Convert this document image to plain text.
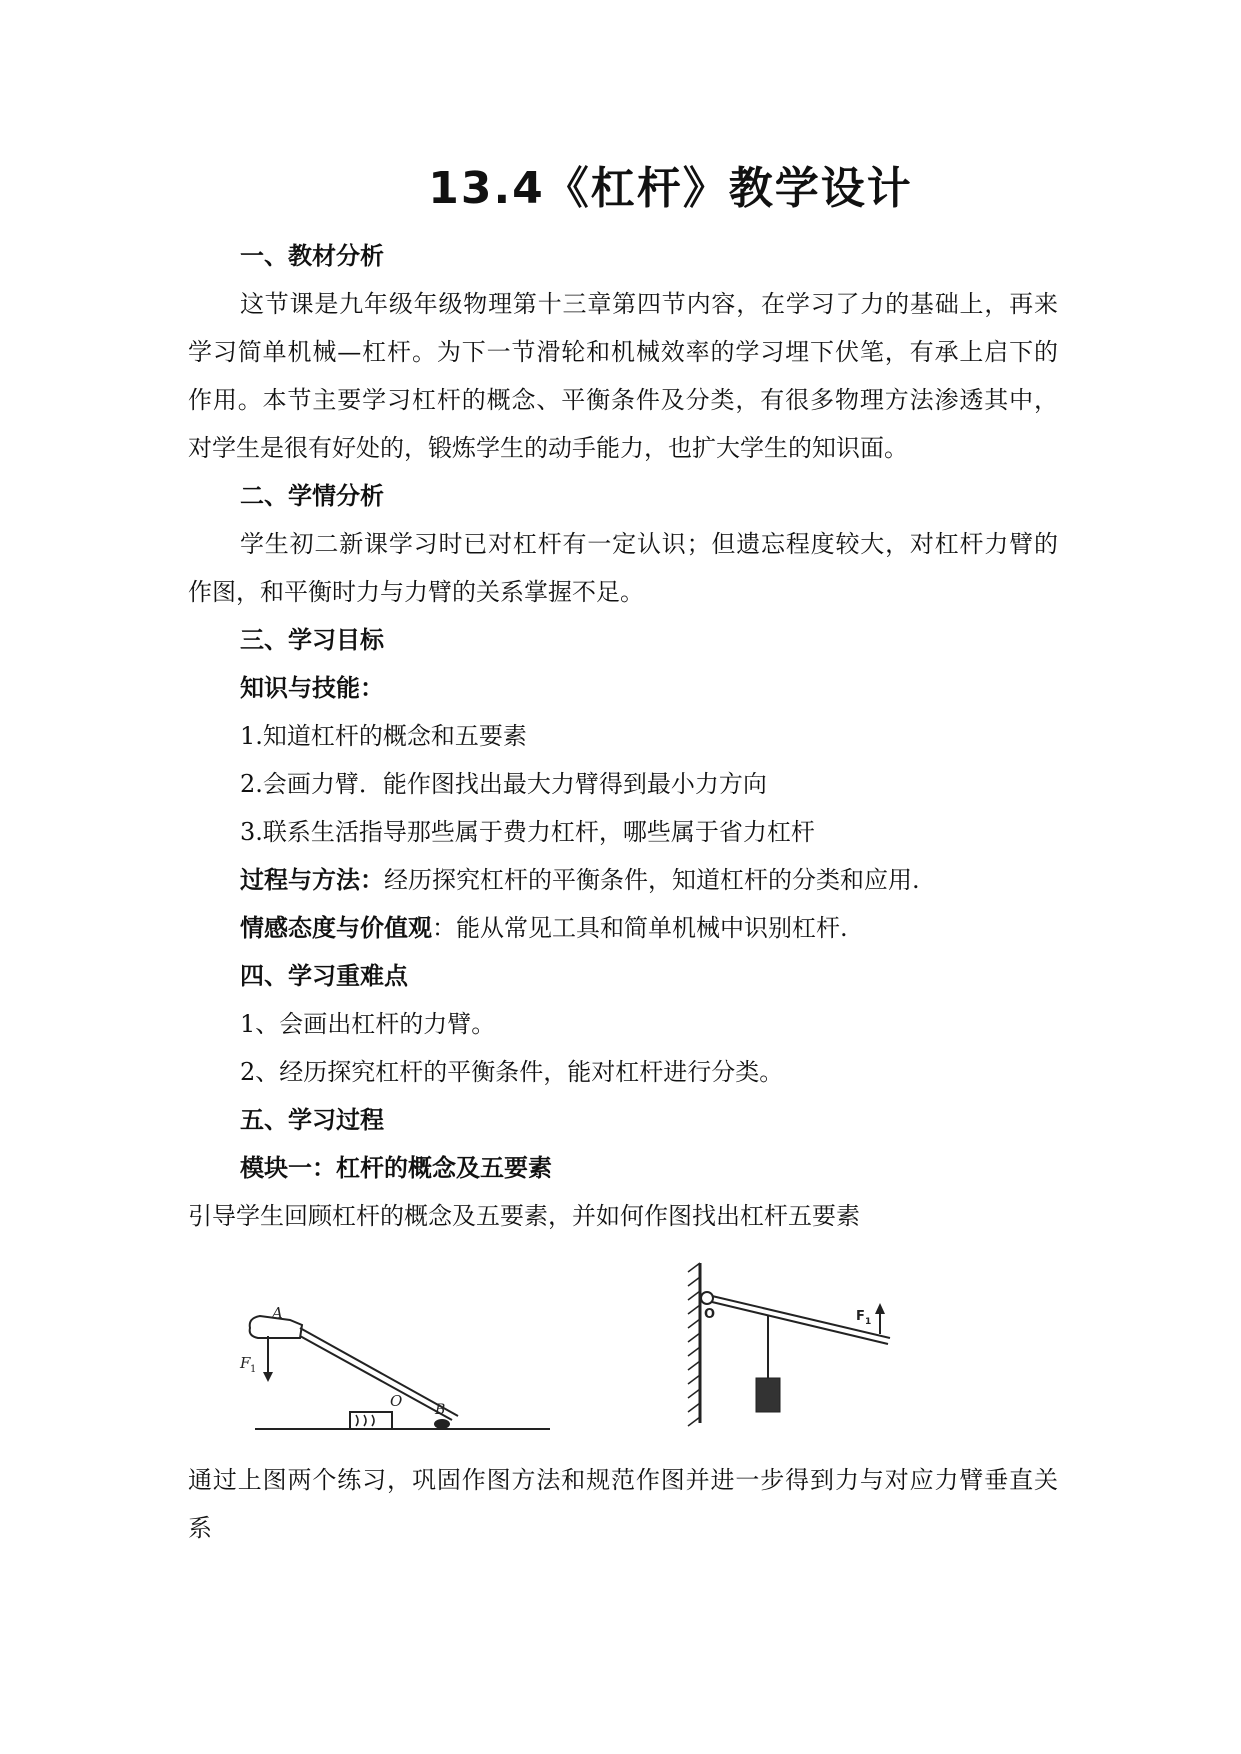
13.4《杠杆》教学设计
一、教材分析
这节课是九年级年级物理第十三章第四节内容，在学习了力的基础上，再来
学习简单机械—杠杆。为下一节滑轮和机械效率的学习埋下伏笔，有承上启下的
作用。本节主要学习杠杆的概念、平衡条件及分类，有很多物理方法渗透其中，
对学生是很有好处的，锻炼学生的动手能力，也扩大学生的知识面。
二、学情分析
学生初二新课学习时已对杠杆有一定认识；但遗忘程度较大，对杠杆力臂的
作图，和平衡时力与力臂的关系掌握不足。
三、学习目标
知识与技能：
1.知道杠杆的概念和五要素
2.会画力臂．能作图找出最大力臂得到最小力方向
3.联系生活指导那些属于费力杠杆，哪些属于省力杠杆
过程与方法：经历探究杠杆的平衡条件，知道杠杆的分类和应用.
情感态度与价值观：能从常见工具和简单机械中识别杠杆.
四、学习重难点
1、会画出杠杆的力臂。
2、经历探究杠杆的平衡条件，能对杠杆进行分类。
五、学习过程
模块一：杠杆的概念及五要素
引导学生回顾杠杆的概念及五要素，并如何作图找出杠杆五要素
A
F 1
O B
O	F 1
通过上图两个练习，巩固作图方法和规范作图并进一步得到力与对应力臂垂直关
系
